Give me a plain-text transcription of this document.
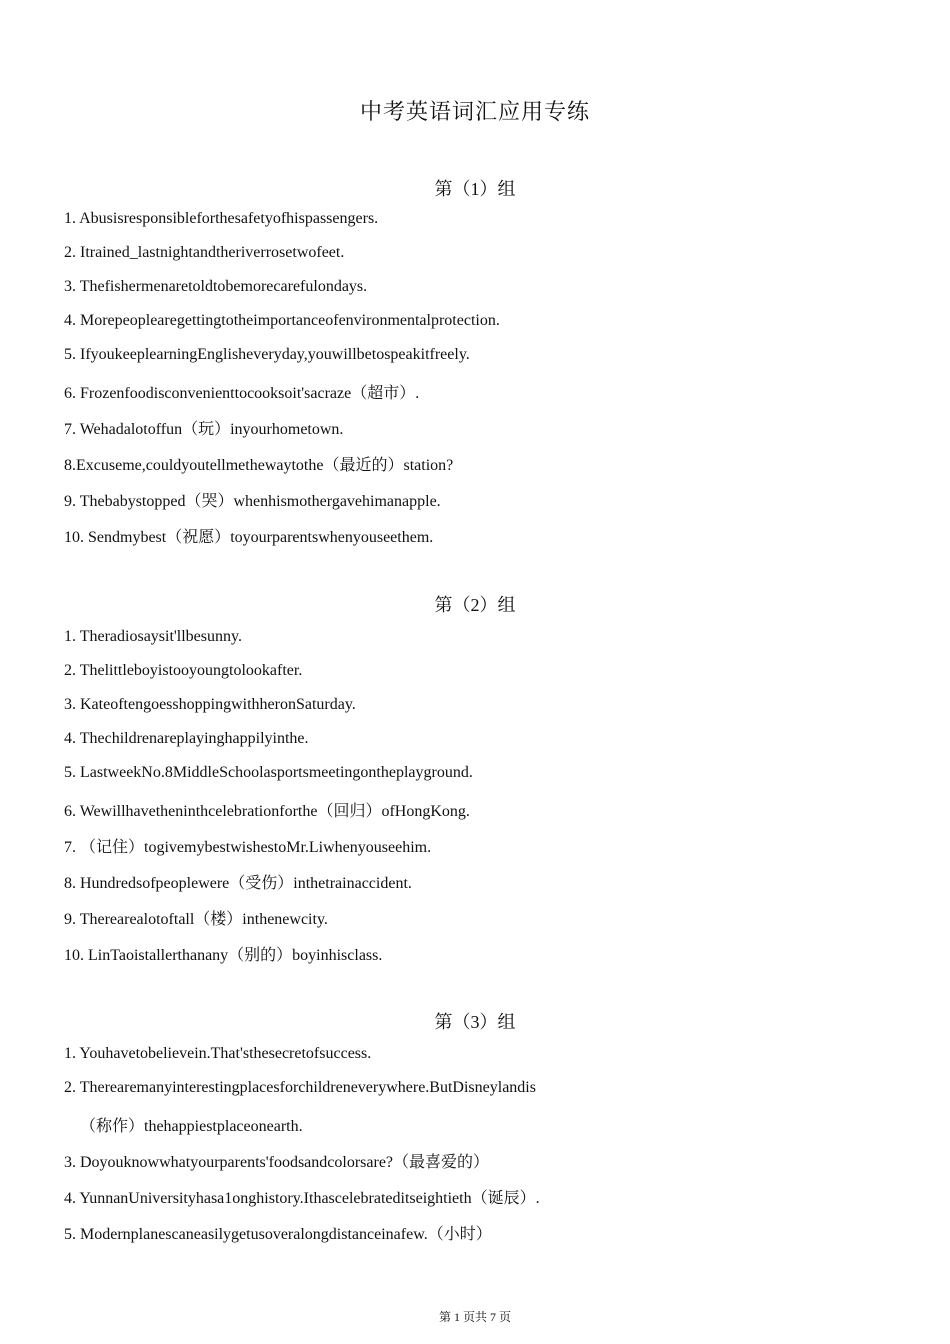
中考英语词汇应用专练
第（1）组
1. Abusisresponsibleforthesafetyofhispassengers.
2. Itrained_lastnightandtheriverrosetwofeet.
3. Thefishermenaretoldtobemorecarefulondays.
4. Morepeoplearegettingtotheimportanceofenvironmentalprotection.
5. IfyoukeeplearningEnglisheveryday,youwillbetospeakitfreely.
6. Frozenfoodisconvenienttocooksoit'sacraze（超市）.
7. Wehadalotoffun（玩）inyourhometown.
8.Excuseme,couldyoutellmethewaytothe（最近的）station?
9. Thebabystopped（哭）whenhismothergavehimanapple.
10. Sendmybest（祝愿）toyourparentswhenyouseethem.
第（2）组
1. Theradiosaysit'llbesunny.
2. Thelittleboyistooyoungtolookafter.
3. KateoftengoesshoppingwithheronSaturday.
4. Thechildrenareplayinghappilyinthe.
5. LastweekNo.8MiddleSchoolasportsmeetingontheplayground.
6. Wewillhavetheninthcelebrationforthe（回归）ofHongKong.
7. （记住）togivemybestwishestoMr.Liwhenyouseehim.
8. Hundredsofpeoplewere（受伤）inthetrainaccident.
9. Therearealotoftall（楼）inthenewcity.
10. LinTaoistallerthanany（别的）boyinhisclass.
第（3）组
1. Youhavetobelievein.That'sthesecretofsuccess.
2. Therearemanyinterestingplacesforchildreneverywhere.ButDisneylandis
（称作）thehappiestplaceonearth.
3. Doyouknowwhatyourparents'foodsandcolorsare?（最喜爱的）
4. YunnanUniversityhasa1onghistory.Ithascelebrateditseightieth（诞辰）.
5. Modernplanescaneasilygetusoveralongdistanceinafew.（小时）
第 1 页共 7 页
